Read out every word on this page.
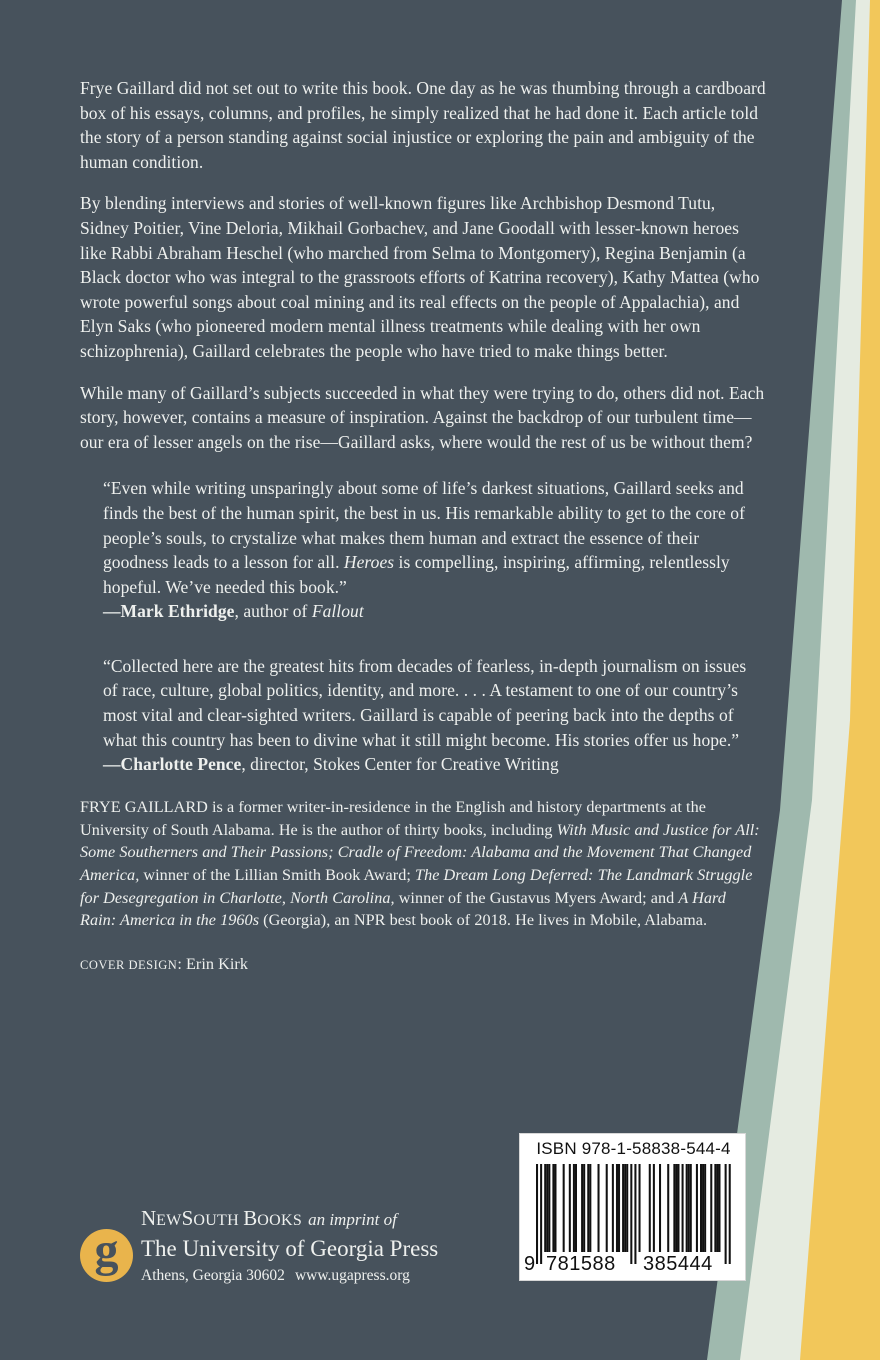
Frye Gaillard did not set out to write this book. One day as he was thumbing through a cardboard box of his essays, columns, and profiles, he simply realized that he had done it. Each article told the story of a person standing against social injustice or exploring the pain and ambiguity of the human condition.

By blending interviews and stories of well-known figures like Archbishop Desmond Tutu, Sidney Poitier, Vine Deloria, Mikhail Gorbachev, and Jane Goodall with lesser-known heroes like Rabbi Abraham Heschel (who marched from Selma to Montgomery), Regina Benjamin (a Black doctor who was integral to the grassroots efforts of Katrina recovery), Kathy Mattea (who wrote powerful songs about coal mining and its real effects on the people of Appalachia), and Elyn Saks (who pioneered modern mental illness treatments while dealing with her own schizophrenia), Gaillard celebrates the people who have tried to make things better.

While many of Gaillard’s subjects succeeded in what they were trying to do, others did not. Each story, however, contains a measure of inspiration. Against the backdrop of our turbulent time—our era of lesser angels on the rise—Gaillard asks, where would the rest of us be without them?

“Even while writing unsparingly about some of life’s darkest situations, Gaillard seeks and finds the best of the human spirit, the best in us. His remarkable ability to get to the core of people’s souls, to crystalize what makes them human and extract the essence of their goodness leads to a lesson for all. Heroes is compelling, inspiring, affirming, relentlessly hopeful. We’ve needed this book.”
—Mark Ethridge, author of Fallout
“Collected here are the greatest hits from decades of fearless, in-depth journalism on issues of race, culture, global politics, identity, and more. . . . A testament to one of our country’s most vital and clear-sighted writers. Gaillard is capable of peering back into the depths of what this country has been to divine what it still might become. His stories offer us hope.”
—Charlotte Pence, director, Stokes Center for Creative Writing
FRYE GAILLARD is a former writer-in-residence in the English and history departments at the University of South Alabama. He is the author of thirty books, including With Music and Justice for All: Some Southerners and Their Passions; Cradle of Freedom: Alabama and the Movement That Changed America, winner of the Lillian Smith Book Award; The Dream Long Deferred: The Landmark Struggle for Desegregation in Charlotte, North Carolina, winner of the Gustavus Myers Award; and A Hard Rain: America in the 1960s (Georgia), an NPR best book of 2018. He lives in Mobile, Alabama.
COVER DESIGN: Erin Kirk
g
NEWSOUTH BOOKS an imprint of
The University of Georgia Press
Athens, Georgia 30602 www.ugapress.org
ISBN 978-1-58838-544-4
9 781588 385444
